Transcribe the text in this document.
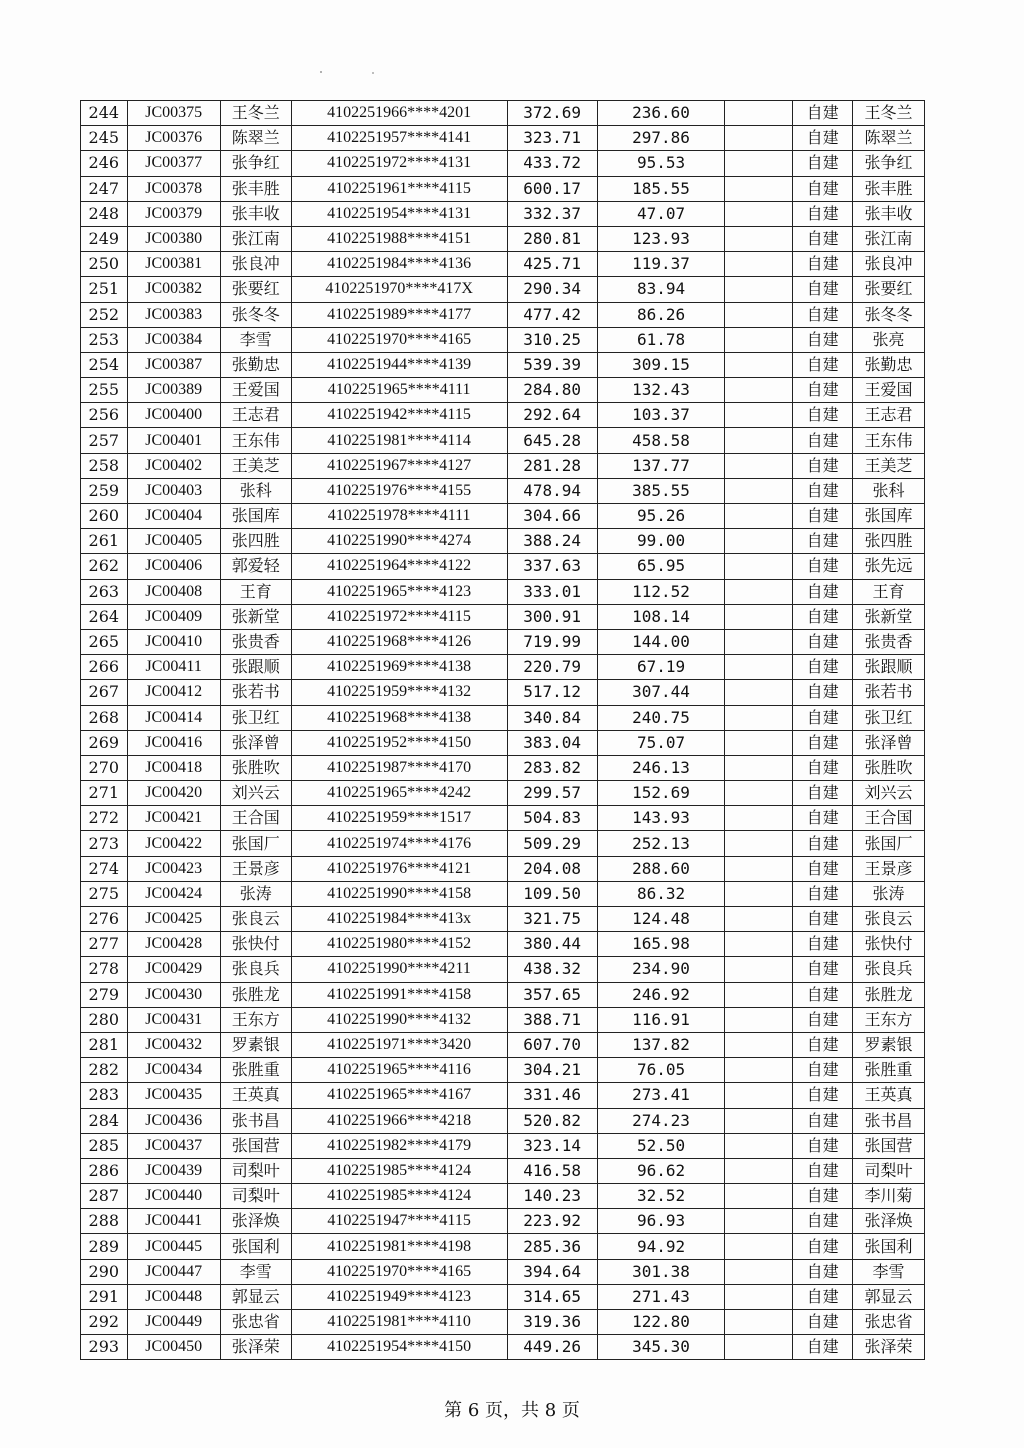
244	JC00375	王冬兰	4102251966****4201	372.69	236.60		自建	王冬兰
245	JC00376	陈翠兰	4102251957****4141	323.71	297.86		自建	陈翠兰
246	JC00377	张争红	4102251972****4131	433.72	95.53		自建	张争红
247	JC00378	张丰胜	4102251961****4115	600.17	185.55		自建	张丰胜
248	JC00379	张丰收	4102251954****4131	332.37	47.07		自建	张丰收
249	JC00380	张江南	4102251988****4151	280.81	123.93		自建	张江南
250	JC00381	张良冲	4102251984****4136	425.71	119.37		自建	张良冲
251	JC00382	张要红	4102251970****417X	290.34	83.94		自建	张要红
252	JC00383	张冬冬	4102251989****4177	477.42	86.26		自建	张冬冬
253	JC00384	李雪	4102251970****4165	310.25	61.78		自建	张亮
254	JC00387	张勤忠	4102251944****4139	539.39	309.15		自建	张勤忠
255	JC00389	王爱国	4102251965****4111	284.80	132.43		自建	王爱国
256	JC00400	王志君	4102251942****4115	292.64	103.37		自建	王志君
257	JC00401	王东伟	4102251981****4114	645.28	458.58		自建	王东伟
258	JC00402	王美芝	4102251967****4127	281.28	137.77		自建	王美芝
259	JC00403	张科	4102251976****4155	478.94	385.55		自建	张科
260	JC00404	张国库	4102251978****4111	304.66	95.26		自建	张国库
261	JC00405	张四胜	4102251990****4274	388.24	99.00		自建	张四胜
262	JC00406	郭爱轻	4102251964****4122	337.63	65.95		自建	张先远
263	JC00408	王育	4102251965****4123	333.01	112.52		自建	王育
264	JC00409	张新堂	4102251972****4115	300.91	108.14		自建	张新堂
265	JC00410	张贵香	4102251968****4126	719.99	144.00		自建	张贵香
266	JC00411	张跟顺	4102251969****4138	220.79	67.19		自建	张跟顺
267	JC00412	张若书	4102251959****4132	517.12	307.44		自建	张若书
268	JC00414	张卫红	4102251968****4138	340.84	240.75		自建	张卫红
269	JC00416	张泽曾	4102251952****4150	383.04	75.07		自建	张泽曾
270	JC00418	张胜吹	4102251987****4170	283.82	246.13		自建	张胜吹
271	JC00420	刘兴云	4102251965****4242	299.57	152.69		自建	刘兴云
272	JC00421	王合国	4102251959****1517	504.83	143.93		自建	王合国
273	JC00422	张国厂	4102251974****4176	509.29	252.13		自建	张国厂
274	JC00423	王景彦	4102251976****4121	204.08	288.60		自建	王景彦
275	JC00424	张涛	4102251990****4158	109.50	86.32		自建	张涛
276	JC00425	张良云	4102251984****413x	321.75	124.48		自建	张良云
277	JC00428	张快付	4102251980****4152	380.44	165.98		自建	张快付
278	JC00429	张良兵	4102251990****4211	438.32	234.90		自建	张良兵
279	JC00430	张胜龙	4102251991****4158	357.65	246.92		自建	张胜龙
280	JC00431	王东方	4102251990****4132	388.71	116.91		自建	王东方
281	JC00432	罗素银	4102251971****3420	607.70	137.82		自建	罗素银
282	JC00434	张胜重	4102251965****4116	304.21	76.05		自建	张胜重
283	JC00435	王英真	4102251965****4167	331.46	273.41		自建	王英真
284	JC00436	张书昌	4102251966****4218	520.82	274.23		自建	张书昌
285	JC00437	张国营	4102251982****4179	323.14	52.50		自建	张国营
286	JC00439	司梨叶	4102251985****4124	416.58	96.62		自建	司梨叶
287	JC00440	司梨叶	4102251985****4124	140.23	32.52		自建	李川菊
288	JC00441	张泽焕	4102251947****4115	223.92	96.93		自建	张泽焕
289	JC00445	张国利	4102251981****4198	285.36	94.92		自建	张国利
290	JC00447	李雪	4102251970****4165	394.64	301.38		自建	李雪
291	JC00448	郭显云	4102251949****4123	314.65	271.43		自建	郭显云
292	JC00449	张忠省	4102251981****4110	319.36	122.80		自建	张忠省
293	JC00450	张泽荣	4102251954****4150	449.26	345.30		自建	张泽荣
第 6 页，共 8 页
